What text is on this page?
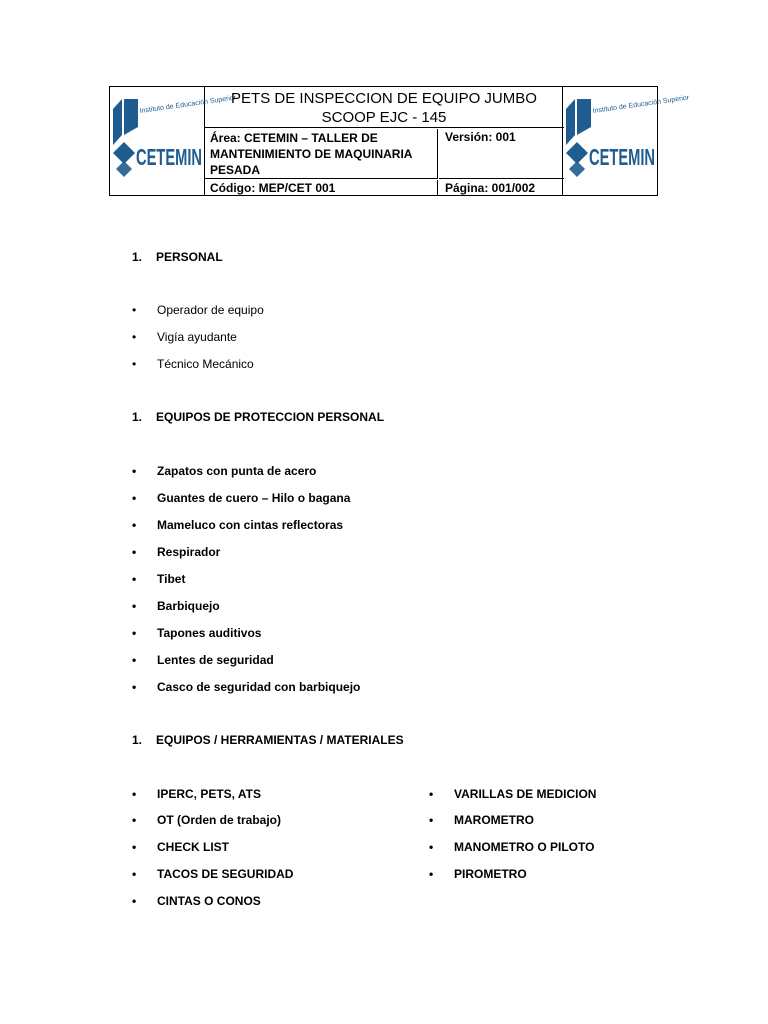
Instituto de Educación Superior
CETEMIN
PETS DE INSPECCION DE EQUIPO JUMBO
SCOOP EJC - 145
Área: CETEMIN – TALLER DE MANTENIMIENTO DE MAQUINARIA PESADA
Versión: 001
Código: MEP/CET 001	Página: 001/002
Instituto de Educación Superior
CETEMIN
1. PERSONAL
• Operador de equipo
• Vigía ayudante
• Técnico Mecánico
1. EQUIPOS DE PROTECCION PERSONAL
• Zapatos con punta de acero
• Guantes de cuero – Hilo o bagana
• Mameluco con cintas reflectoras
• Respirador
• Tibet
• Barbiquejo
• Tapones auditivos
• Lentes de seguridad
• Casco de seguridad con barbiquejo
1. EQUIPOS / HERRAMIENTAS / MATERIALES
• IPERC, PETS, ATS
• OT (Orden de trabajo)
• CHECK LIST
• TACOS DE SEGURIDAD
• CINTAS O CONOS
• VARILLAS DE MEDICION
• MAROMETRO
• MANOMETRO O PILOTO
• PIROMETRO
